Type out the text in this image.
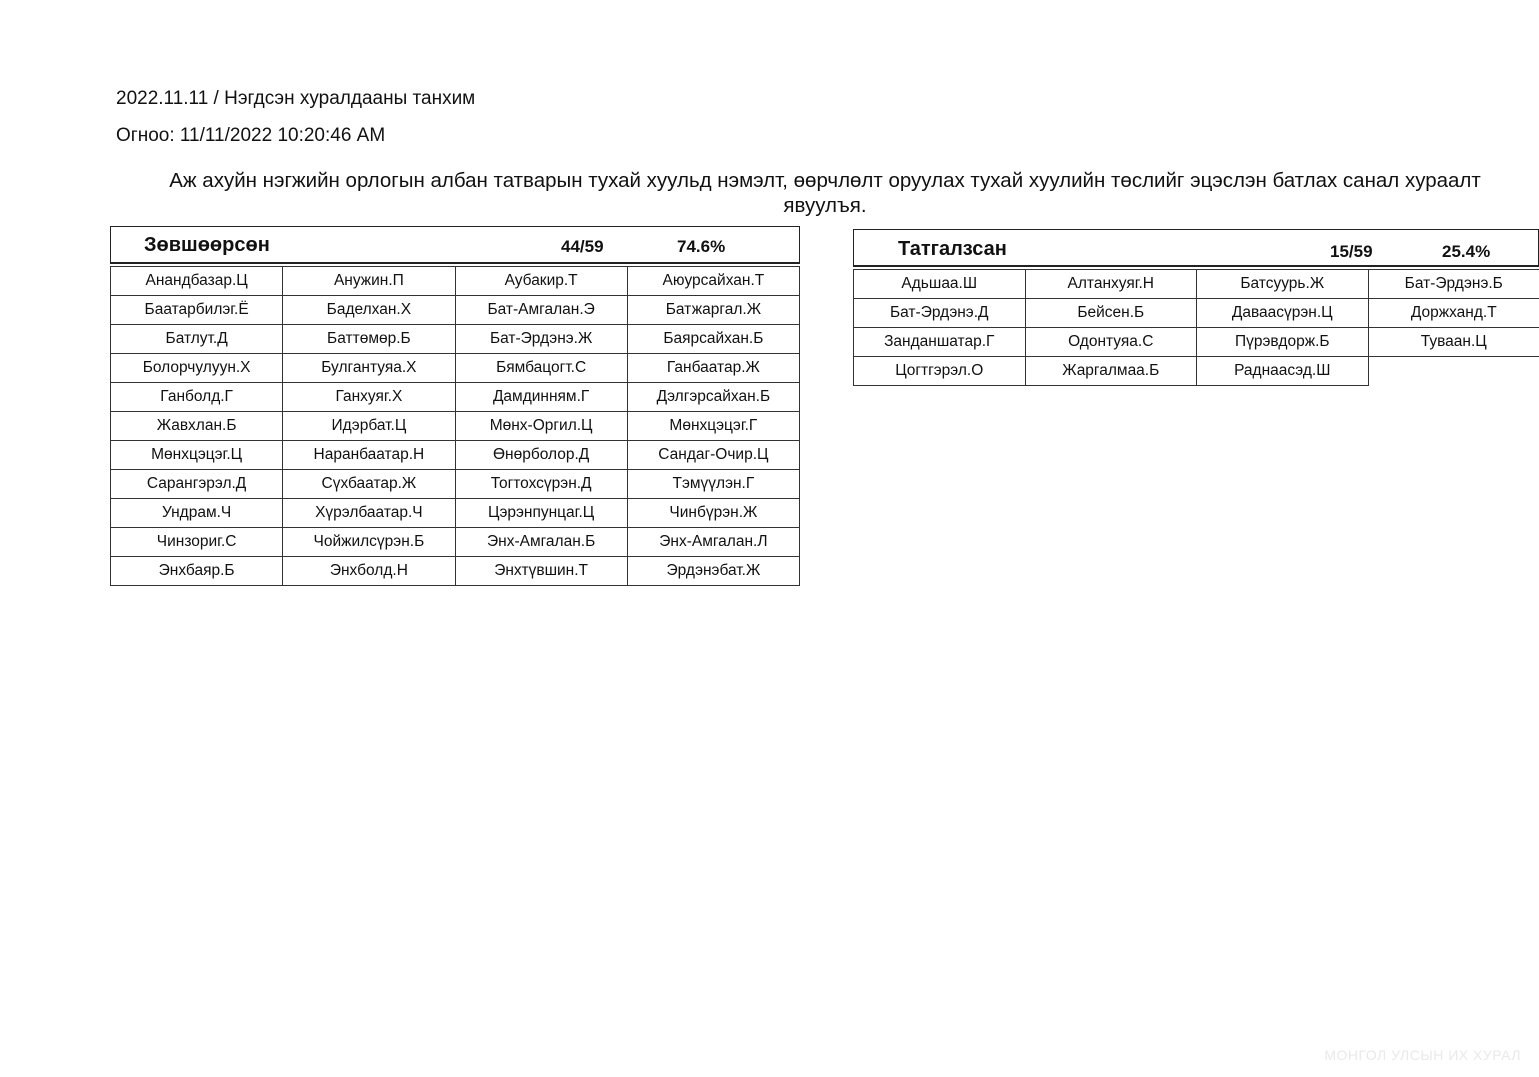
2022.11.11 / Нэгдсэн хуралдааны танхим
Огноо: 11/11/2022 10:20:46 AM
Аж ахуйн нэгжийн орлогын албан татварын тухай хуульд нэмэлт, өөрчлөлт оруулах тухай хуулийн төслийг эцэслэн батлах санал хураалт явуулъя.
Зөвшөөрсөн	44/59	74.6%
Анандбазар.Ц	Анужин.П	Аубакир.Т	Аюурсайхан.Т
Баатарбилэг.Ё	Баделхан.Х	Бат-Амгалан.Э	Батжаргал.Ж
Батлут.Д	Баттөмөр.Б	Бат-Эрдэнэ.Ж	Баярсайхан.Б
Болорчулуун.Х	Булгантуяа.Х	Бямбацогт.С	Ганбаатар.Ж
Ганболд.Г	Ганхуяг.Х	Дамдинням.Г	Дэлгэрсайхан.Б
Жавхлан.Б	Идэрбат.Ц	Мөнх-Оргил.Ц	Мөнхцэцэг.Г
Мөнхцэцэг.Ц	Наранбаатар.Н	Өнөрболор.Д	Сандаг-Очир.Ц
Сарангэрэл.Д	Сүхбаатар.Ж	Тогтохсүрэн.Д	Тэмүүлэн.Г
Ундрам.Ч	Хүрэлбаатар.Ч	Цэрэнпунцаг.Ц	Чинбүрэн.Ж
Чинзориг.С	Чойжилсүрэн.Б	Энх-Амгалан.Б	Энх-Амгалан.Л
Энхбаяр.Б	Энхболд.Н	Энхтүвшин.Т	Эрдэнэбат.Ж
Татгалзсан	15/59	25.4%
Адьшаа.Ш	Алтанхуяг.Н	Батсуурь.Ж	Бат-Эрдэнэ.Б
Бат-Эрдэнэ.Д	Бейсен.Б	Даваасүрэн.Ц	Доржханд.Т
Занданшатар.Г	Одонтуяа.С	Пүрэвдорж.Б	Туваан.Ц
Цогтгэрэл.О	Жаргалмаа.Б	Раднаасэд.Ш
МОНГОЛ УЛСЫН ИХ ХУРАЛ
